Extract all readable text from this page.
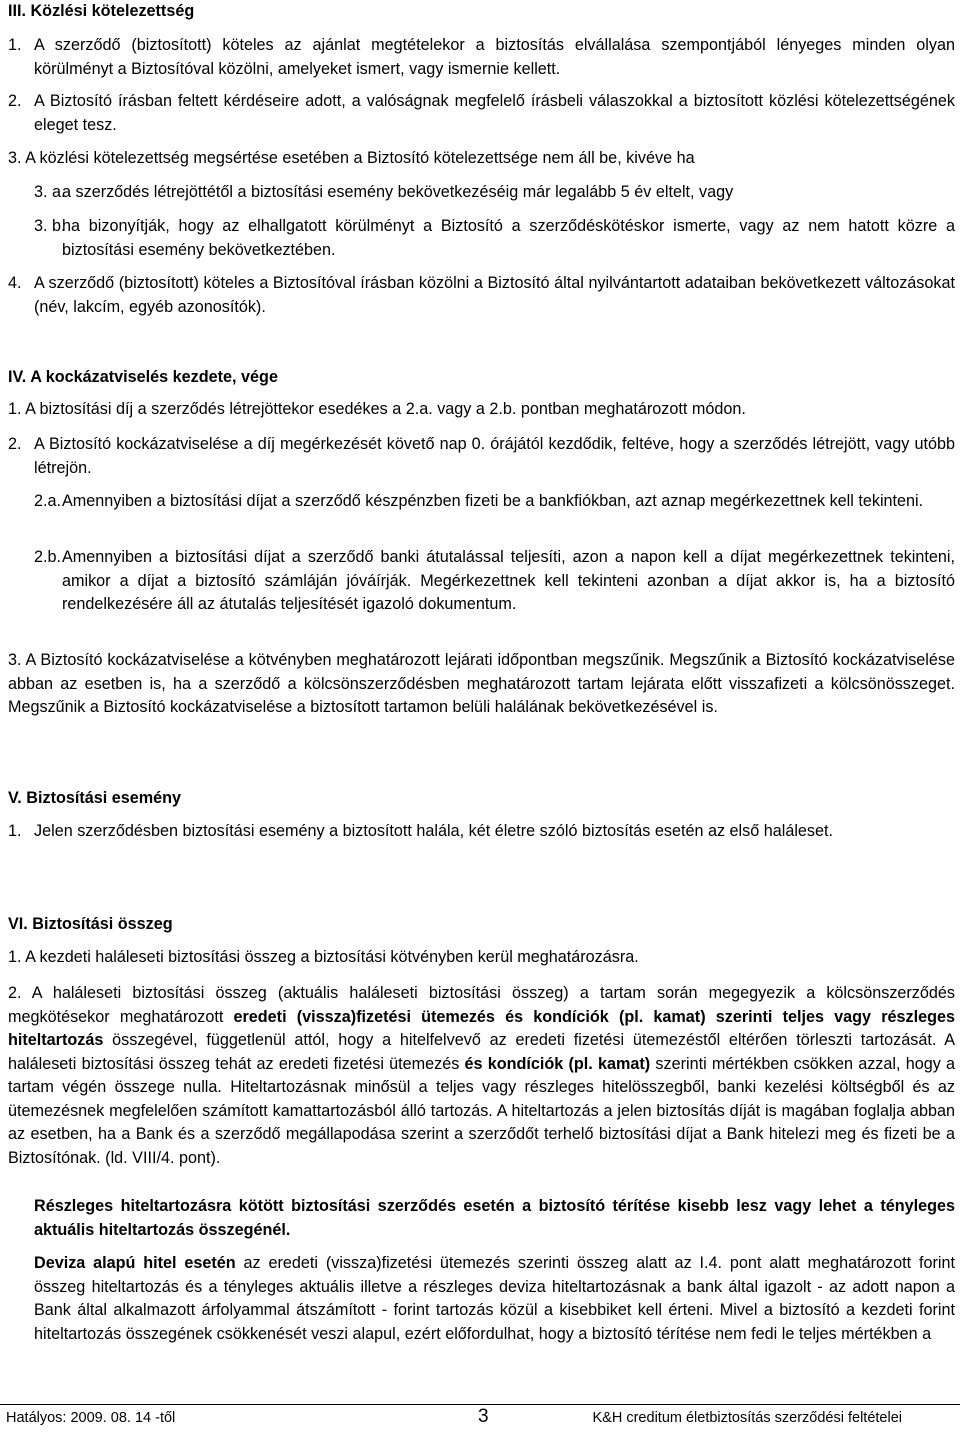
III. Közlési kötelezettség

1. A szerződő (biztosított) köteles az ajánlat megtételekor a biztosítás elvállalása szempontjából lényeges minden olyan körülményt a Biztosítóval közölni, amelyeket ismert, vagy ismernie kellett.

2. A Biztosító írásban feltett kérdéseire adott, a valóságnak megfelelő írásbeli válaszokkal a biztosított közlési kötelezettségének eleget tesz.

3. A közlési kötelezettség megsértése esetében a Biztosító kötelezettsége nem áll be, kivéve ha

3. a.
a szerződés létrejöttétől a biztosítási esemény bekövetkezéséig már legalább 5 év eltelt, vagy

3. b.
ha bizonyítják, hogy az elhallgatott körülményt a Biztosító a szerződéskötéskor ismerte, vagy az nem hatott közre a biztosítási esemény bekövetkeztében.

4. A szerződő (biztosított) köteles a Biztosítóval írásban közölni a Biztosító által nyilvántartott adataiban bekövetkezett változásokat (név, lakcím, egyéb azonosítók).

IV. A kockázatviselés kezdete, vége

1. A biztosítási díj a szerződés létrejöttekor esedékes a 2.a. vagy a 2.b. pontban meghatározott módon.

2. A Biztosító kockázatviselése a díj megérkezését követő nap 0. órájától kezdődik, feltéve, hogy a szerződés létrejött, vagy utóbb létrejön.

2.a. Amennyiben a biztosítási díjat a szerződő készpénzben fizeti be a bankfiókban, azt aznap megérkezettnek kell tekinteni.

2.b. Amennyiben a biztosítási díjat a szerződő banki átutalással teljesíti, azon a napon kell a díjat megérkezettnek tekinteni, amikor a díjat a biztosító számláján jóváírják. Megérkezettnek kell tekinteni azonban a díjat akkor is, ha a biztosító rendelkezésére áll az átutalás teljesítését igazoló dokumentum.

3. A Biztosító kockázatviselése a kötvényben meghatározott lejárati időpontban megszűnik. Megszűnik a Biztosító kockázatviselése abban az esetben is, ha a szerződő a kölcsönszerződésben meghatározott tartam lejárata előtt visszafizeti a kölcsönösszeget. Megszűnik a Biztosító kockázatviselése a biztosított tartamon belüli halálának bekövetkezésével is.

V. Biztosítási esemény

1. Jelen szerződésben biztosítási esemény a biztosított halála, két életre szóló biztosítás esetén az első haláleset.

VI. Biztosítási összeg

1. A kezdeti haláleseti biztosítási összeg a biztosítási kötvényben kerül meghatározásra.

2. A haláleseti biztosítási összeg (aktuális haláleseti biztosítási összeg) a tartam során megegyezik a kölcsönszerződés megkötésekor meghatározott eredeti (vissza)fizetési ütemezés és kondíciók (pl. kamat) szerinti teljes vagy részleges hiteltartozás összegével, függetlenül attól, hogy a hitelfelvevő az eredeti fizetési ütemezéstől eltérően törleszti tartozását. A haláleseti biztosítási összeg tehát az eredeti fizetési ütemezés és kondíciók (pl. kamat) szerinti mértékben csökken azzal, hogy a tartam végén összege nulla. Hiteltartozásnak minősül a teljes vagy részleges hitelösszegből, banki kezelési költségből és az ütemezésnek megfelelően számított kamattartozásból álló tartozás. A hiteltartozás a jelen biztosítás díját is magában foglalja abban az esetben, ha a Bank és a szerződő megállapodása szerint a szerződőt terhelő biztosítási díjat a Bank hitelezi meg és fizeti be a Biztosítónak. (ld. VIII/4. pont).

Részleges hiteltartozásra kötött biztosítási szerződés esetén a biztosító térítése kisebb lesz vagy lehet a tényleges aktuális hiteltartozás összegénél.

Deviza alapú hitel esetén az eredeti (vissza)fizetési ütemezés szerinti összeg alatt az I.4. pont alatt meghatározott forint összeg hiteltartozás és a tényleges aktuális illetve a részleges deviza hiteltartozásnak a bank által igazolt - az adott napon a Bank által alkalmazott árfolyammal átszámított - forint tartozás közül a kisebbiket kell érteni. Mivel a biztosító a kezdeti forint hiteltartozás összegének csökkenését veszi alapul, ezért előfordulhat, hogy a biztosító térítése nem fedi le teljes mértékben a

Hatályos: 2009. 08. 14 -től	3	K&H creditum életbiztosítás szerződési feltételei
